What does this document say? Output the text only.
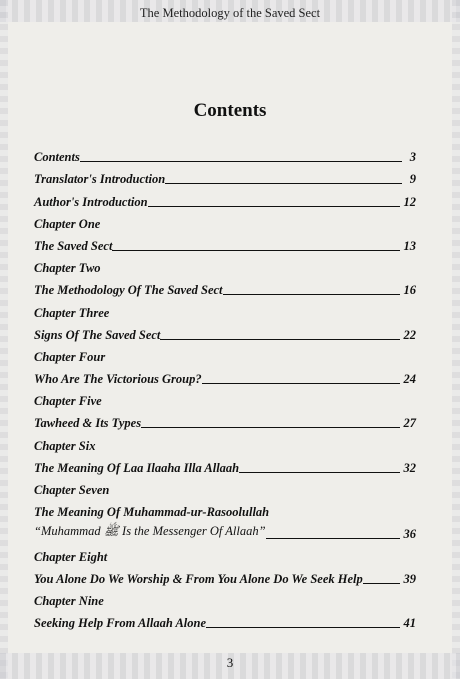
The Methodology of the Saved Sect
Contents
Contents	3
Translator's Introduction	9
Author's Introduction	12
Chapter One
The Saved Sect	13
Chapter Two
The Methodology Of The Saved Sect	16
Chapter Three
Signs Of The Saved Sect	22
Chapter Four
Who Are The Victorious Group?	24
Chapter Five
Tawheed & Its Types	27
Chapter Six
The Meaning Of Laa Ilaaha Illa Allaah	32
Chapter Seven
The Meaning Of Muhammad-ur-Rasoolullah
“Muhammad ﷺ Is the Messenger Of Allaah”	36
Chapter Eight
You Alone Do We Worship & From You Alone Do We Seek Help	39
Chapter Nine
Seeking Help From Allaah Alone	41
3
